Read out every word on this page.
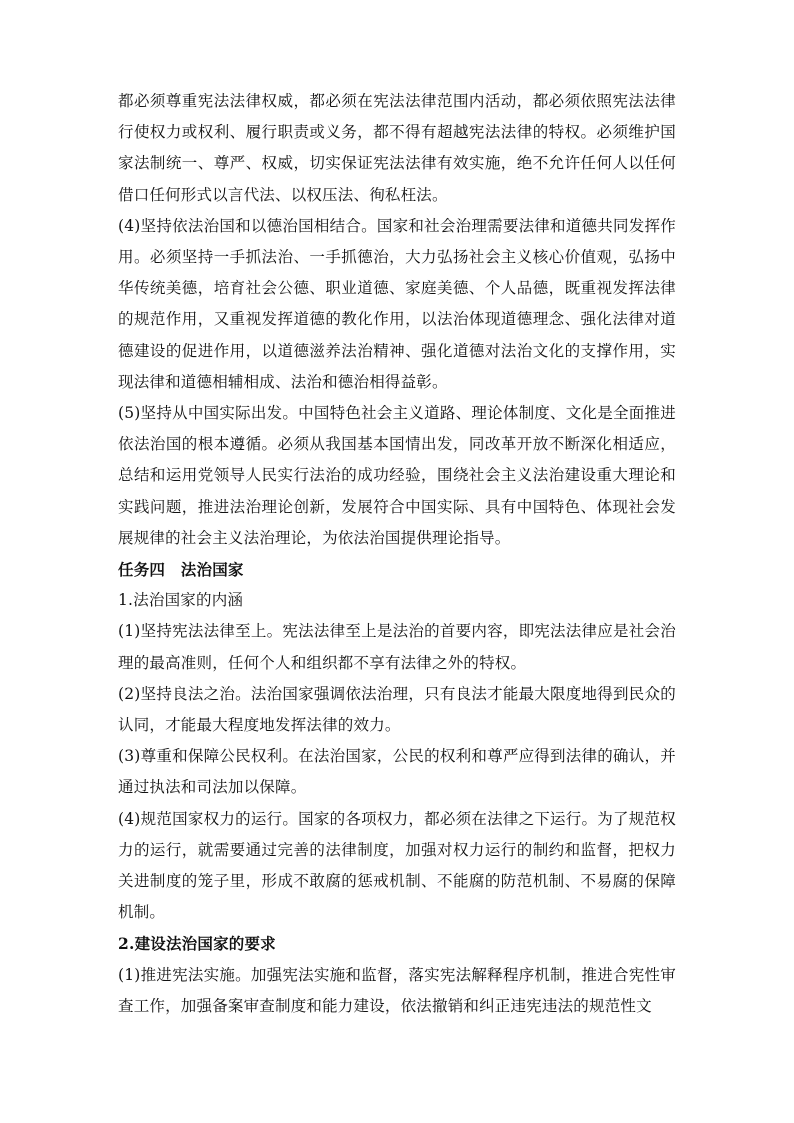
都必须尊重宪法法律权威，都必须在宪法法律范围内活动，都必须依照宪法法律行使权力或权利、履行职责或义务，都不得有超越宪法法律的特权。必须维护国家法制统一、尊严、权威，切实保证宪法法律有效实施，绝不允许任何人以任何借口任何形式以言代法、以权压法、徇私枉法。

(4)坚持依法治国和以德治国相结合。国家和社会治理需要法律和道德共同发挥作用。必须坚持一手抓法治、一手抓德治，大力弘扬社会主义核心价值观，弘扬中华传统美德，培育社会公德、职业道德、家庭美德、个人品德，既重视发挥法律的规范作用，又重视发挥道德的教化作用，以法治体现道德理念、强化法律对道德建设的促进作用，以道德滋养法治精神、强化道德对法治文化的支撑作用，实现法律和道德相辅相成、法治和德治相得益彰。

(5)坚持从中国实际出发。中国特色社会主义道路、理论体制度、文化是全面推进依法治国的根本遵循。必须从我国基本国情出发，同改革开放不断深化相适应，总结和运用党领导人民实行法治的成功经验，围绕社会主义法治建设重大理论和实践问题，推进法治理论创新，发展符合中国实际、具有中国特色、体现社会发展规律的社会主义法治理论，为依法治国提供理论指导。

任务四　法治国家

1.法治国家的内涵

(1)坚持宪法法律至上。宪法法律至上是法治的首要内容，即宪法法律应是社会治理的最高准则，任何个人和组织都不享有法律之外的特权。

(2)坚持良法之治。法治国家强调依法治理，只有良法才能最大限度地得到民众的认同，才能最大程度地发挥法律的效力。

(3)尊重和保障公民权利。在法治国家，公民的权利和尊严应得到法律的确认，并通过执法和司法加以保障。

(4)规范国家权力的运行。国家的各项权力，都必须在法律之下运行。为了规范权力的运行，就需要通过完善的法律制度，加强对权力运行的制约和监督，把权力关进制度的笼子里，形成不敢腐的惩戒机制、不能腐的防范机制、不易腐的保障机制。

2.建设法治国家的要求

(1)推进宪法实施。加强宪法实施和监督，落实宪法解释程序机制，推进合宪性审查工作，加强备案审查制度和能力建设，依法撤销和纠正违宪违法的规范性文
